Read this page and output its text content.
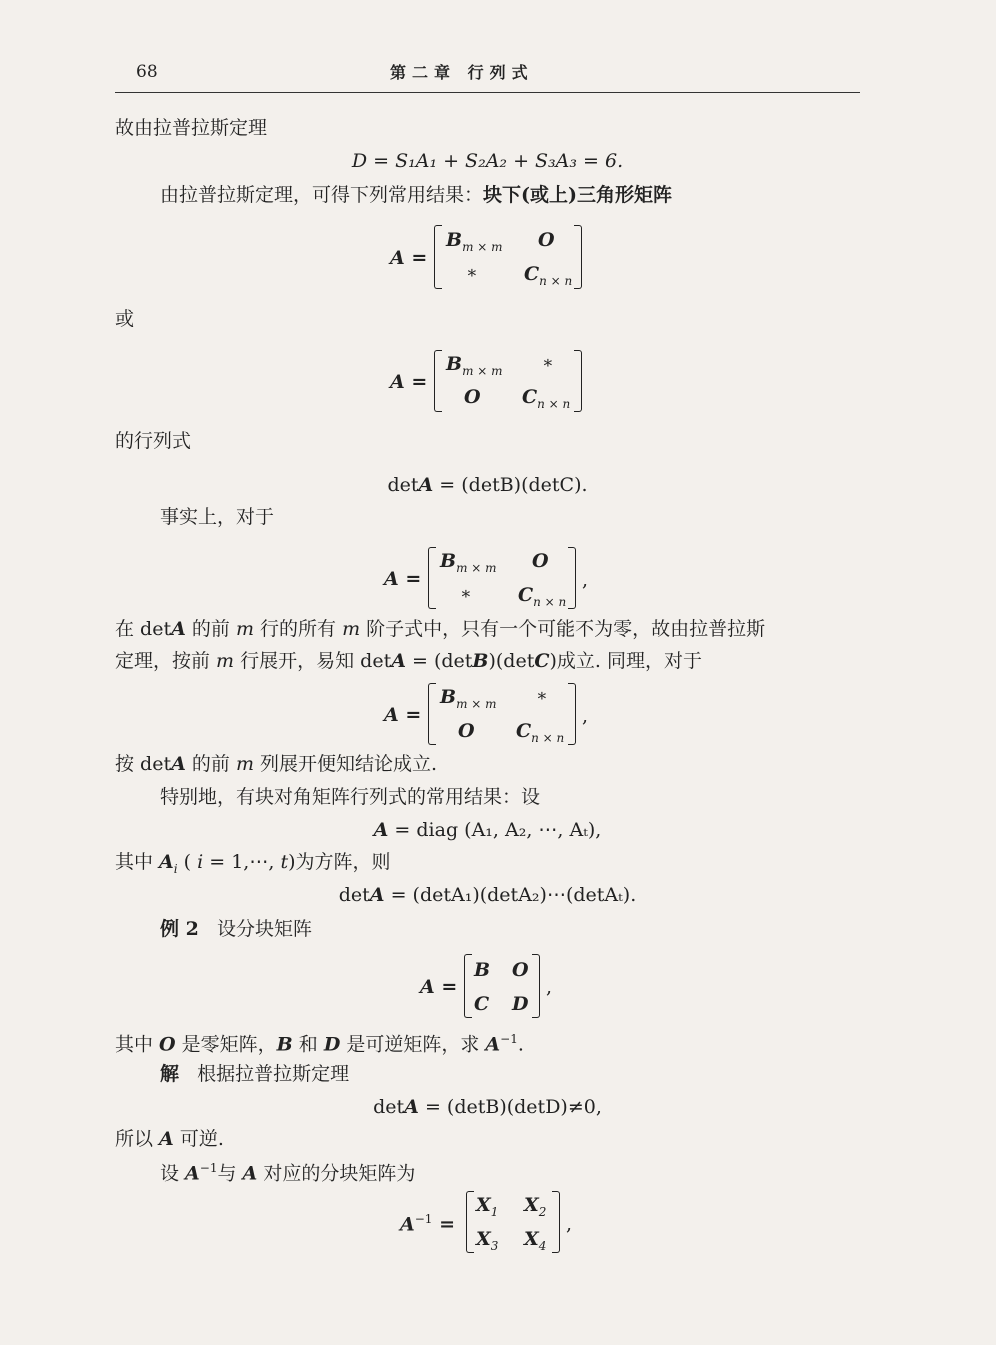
68	第二章 行列式
故由拉普拉斯定理
D = S₁A₁ + S₂A₂ + S₃A₃ = 6.
由拉普拉斯定理，可得下列常用结果：块下(或上)三角形矩阵
A =
$B_{m \times m}$ O
∗ $C_{n \times n}$
或
A =
$B_{m \times m}$ ∗
O $C_{n \times n}$
的行列式
detA = (detB)(detC).
事实上，对于
A =
$B_{m \times m}$ O
∗ $C_{n \times n}$
,
在 detA 的前 m 行的所有 m 阶子式中，只有一个可能不为零，故由拉普拉斯
定理，按前 m 行展开，易知 detA = (detB)(detC)成立. 同理，对于
A =
$B_{m \times m}$ ∗
O $C_{n \times n}$
,
按 detA 的前 m 列展开便知结论成立.
特别地，有块对角矩阵行列式的常用结果：设
A = diag (A₁, A₂, ⋯, Aₜ),
其中 $A_i$ ( i = 1,⋯, t)为方阵，则
detA = (detA₁)(detA₂)⋯(detAₜ).
例 2 设分块矩阵
A =
B O
C D
,
其中 O 是零矩阵，B 和 D 是可逆矩阵，求 $A^{-1}$.
解 根据拉普拉斯定理
detA = (detB)(detD)≠0,
所以 A 可逆.
设 $A^{-1}$与 A 对应的分块矩阵为
$A^{-1}$ =
$X_1$ $X_2$
$X_3$ $X_4$
,
